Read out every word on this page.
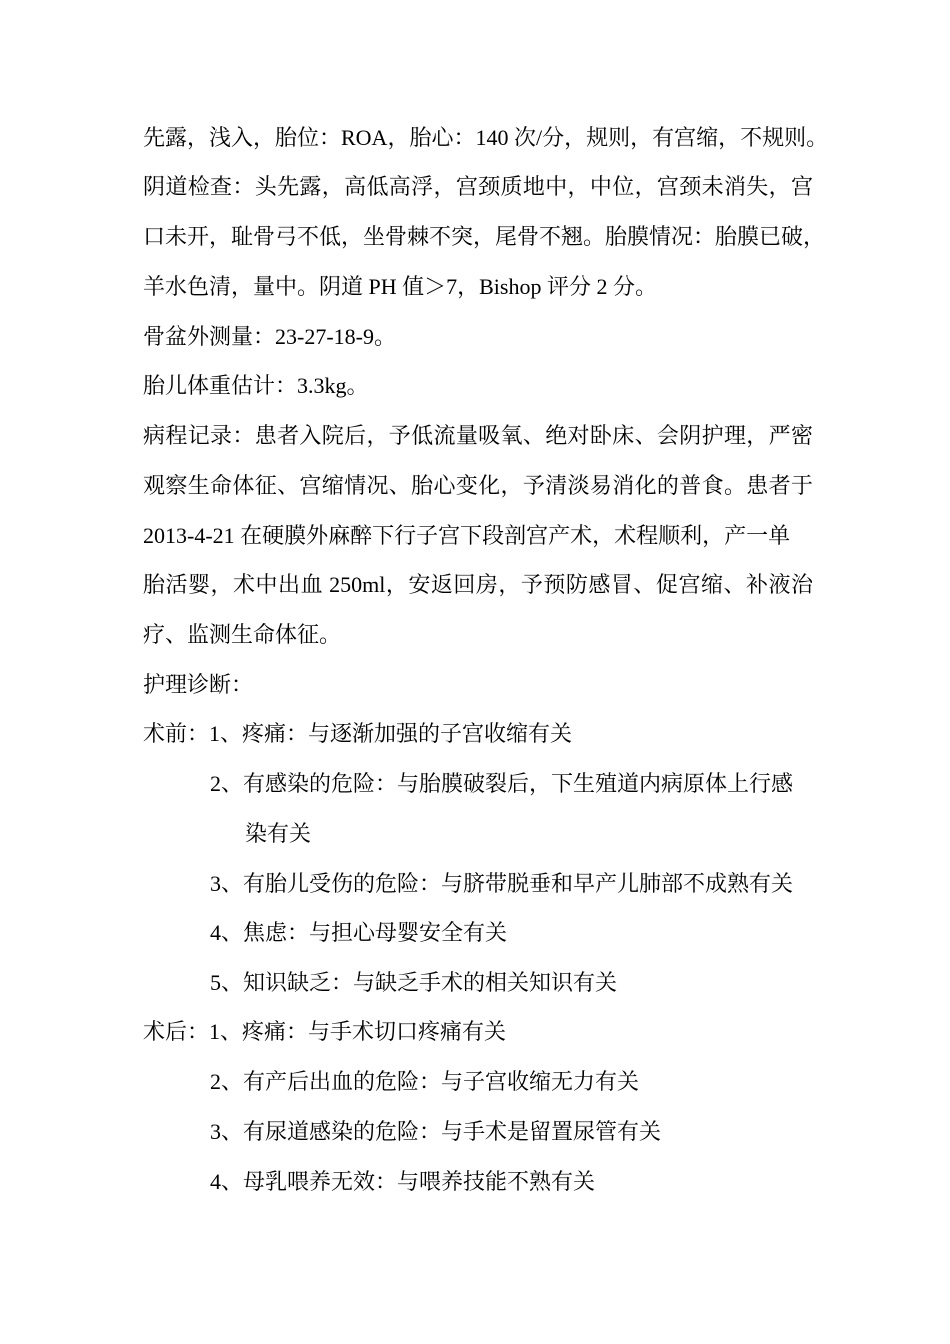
先露，浅入，胎位：ROA，胎心：140 次/分，规则，有宫缩，不规则。
阴道检查：头先露，高低高浮，宫颈质地中，中位，宫颈未消失，宫
口未开，耻骨弓不低，坐骨棘不突，尾骨不翘。胎膜情况：胎膜已破，
羊水色清，量中。阴道 PH 值＞7，Bishop 评分 2 分。
骨盆外测量：23-27-18-9。
胎儿体重估计：3.3kg。
病程记录：患者入院后，予低流量吸氧、绝对卧床、会阴护理，严密
观察生命体征、宫缩情况、胎心变化，予清淡易消化的普食。患者于
2013-4-21 在硬膜外麻醉下行子宫下段剖宫产术，术程顺利，产一单
胎活婴，术中出血 250ml，安返回房，予预防感冒、促宫缩、补液治
疗、监测生命体征。
护理诊断：
术前：1、疼痛：与逐渐加强的子宫收缩有关
2、有感染的危险：与胎膜破裂后，下生殖道内病原体上行感
染有关
3、有胎儿受伤的危险：与脐带脱垂和早产儿肺部不成熟有关
4、焦虑：与担心母婴安全有关
5、知识缺乏：与缺乏手术的相关知识有关
术后：1、疼痛：与手术切口疼痛有关
2、有产后出血的危险：与子宫收缩无力有关
3、有尿道感染的危险：与手术是留置尿管有关
4、母乳喂养无效：与喂养技能不熟有关
